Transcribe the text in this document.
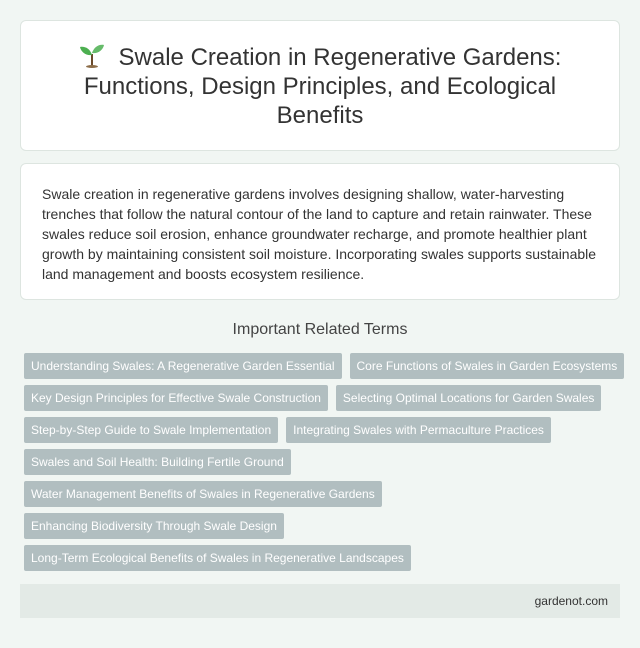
Swale Creation in Regenerative Gardens: Functions, Design Principles, and Ecological Benefits

Swale creation in regenerative gardens involves designing shallow, water-harvesting trenches that follow the natural contour of the land to capture and retain rainwater. These swales reduce soil erosion, enhance groundwater recharge, and promote healthier plant growth by maintaining consistent soil moisture. Incorporating swales supports sustainable land management and boosts ecosystem resilience.

Important Related Terms
Understanding Swales: A Regenerative Garden Essential	Core Functions of Swales in Garden Ecosystems
Key Design Principles for Effective Swale Construction	Selecting Optimal Locations for Garden Swales
Step-by-Step Guide to Swale Implementation	Integrating Swales with Permaculture Practices
Swales and Soil Health: Building Fertile Ground
Water Management Benefits of Swales in Regenerative Gardens
Enhancing Biodiversity Through Swale Design
Long-Term Ecological Benefits of Swales in Regenerative Landscapes
gardenot.com
